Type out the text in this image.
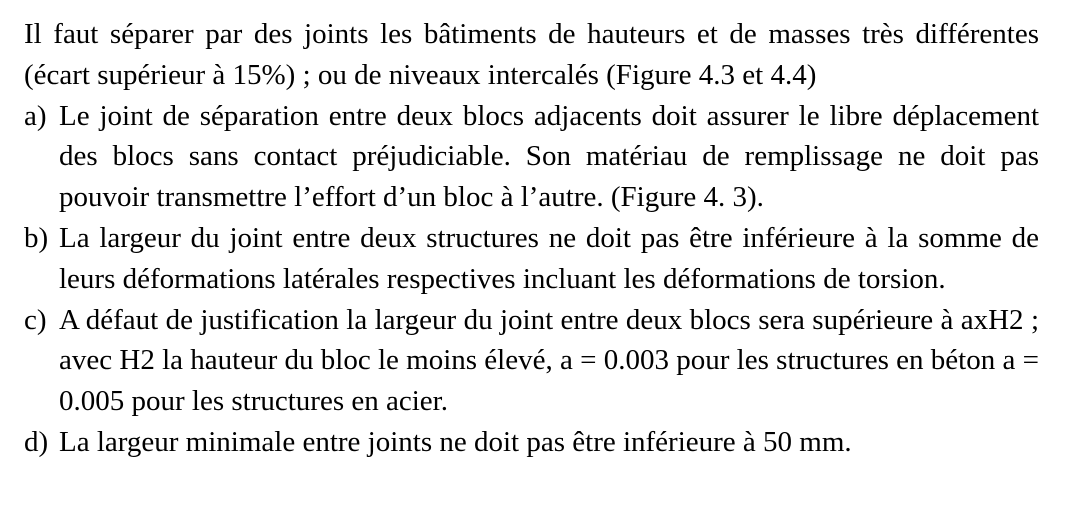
Il faut séparer par des joints les bâtiments de hauteurs et de masses très différentes (écart supérieur à 15%) ; ou de niveaux intercalés (Figure 4.3 et 4.4)

a) Le joint de séparation entre deux blocs adjacents doit assurer le libre déplacement des blocs sans contact préjudiciable. Son matériau de remplissage ne doit pas pouvoir transmettre l’effort d’un bloc à l’autre. (Figure 4. 3).
b) La largeur du joint entre deux structures ne doit pas être inférieure à la somme de leurs déformations latérales respectives incluant les déformations de torsion.
c) A défaut de justification la largeur du joint entre deux blocs sera supérieure à axH2 ; avec H2 la hauteur du bloc le moins élevé, a = 0.003 pour les structures en béton a = 0.005 pour les structures en acier.
d) La largeur minimale entre joints ne doit pas être inférieure à 50 mm.
